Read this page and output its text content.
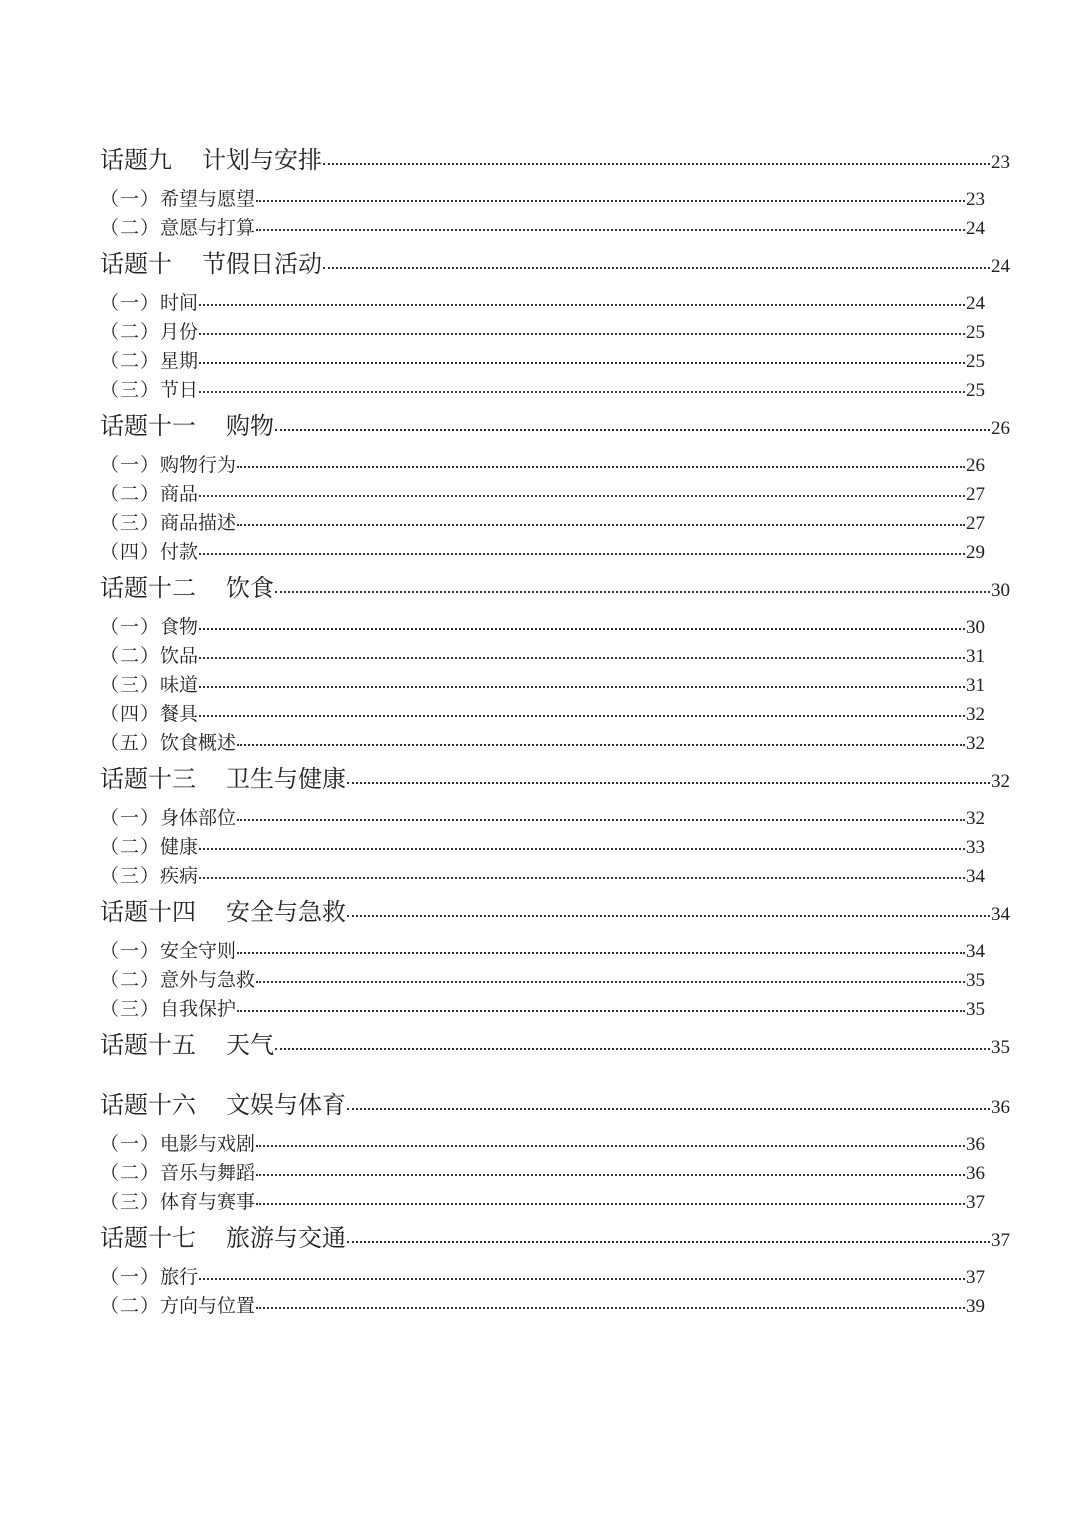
话题九 计划与安排	23
（一）希望与愿望	23
（二）意愿与打算	24
话题十 节假日活动	24
（一）时间	24
（二）月份	25
（二）星期	25
（三）节日	25
话题十一 购物	26
（一）购物行为	26
（二）商品	27
（三）商品描述	27
（四）付款	29
话题十二 饮食	30
（一）食物	30
（二）饮品	31
（三）味道	31
（四）餐具	32
（五）饮食概述	32
话题十三 卫生与健康	32
（一）身体部位	32
（二）健康	33
（三）疾病	34
话题十四 安全与急救	34
（一）安全守则	34
（二）意外与急救	35
（三）自我保护	35
话题十五 天气	35
话题十六 文娱与体育	36
（一）电影与戏剧	36
（二）音乐与舞蹈	36
（三）体育与赛事	37
话题十七 旅游与交通	37
（一）旅行	37
（二）方向与位置	39
